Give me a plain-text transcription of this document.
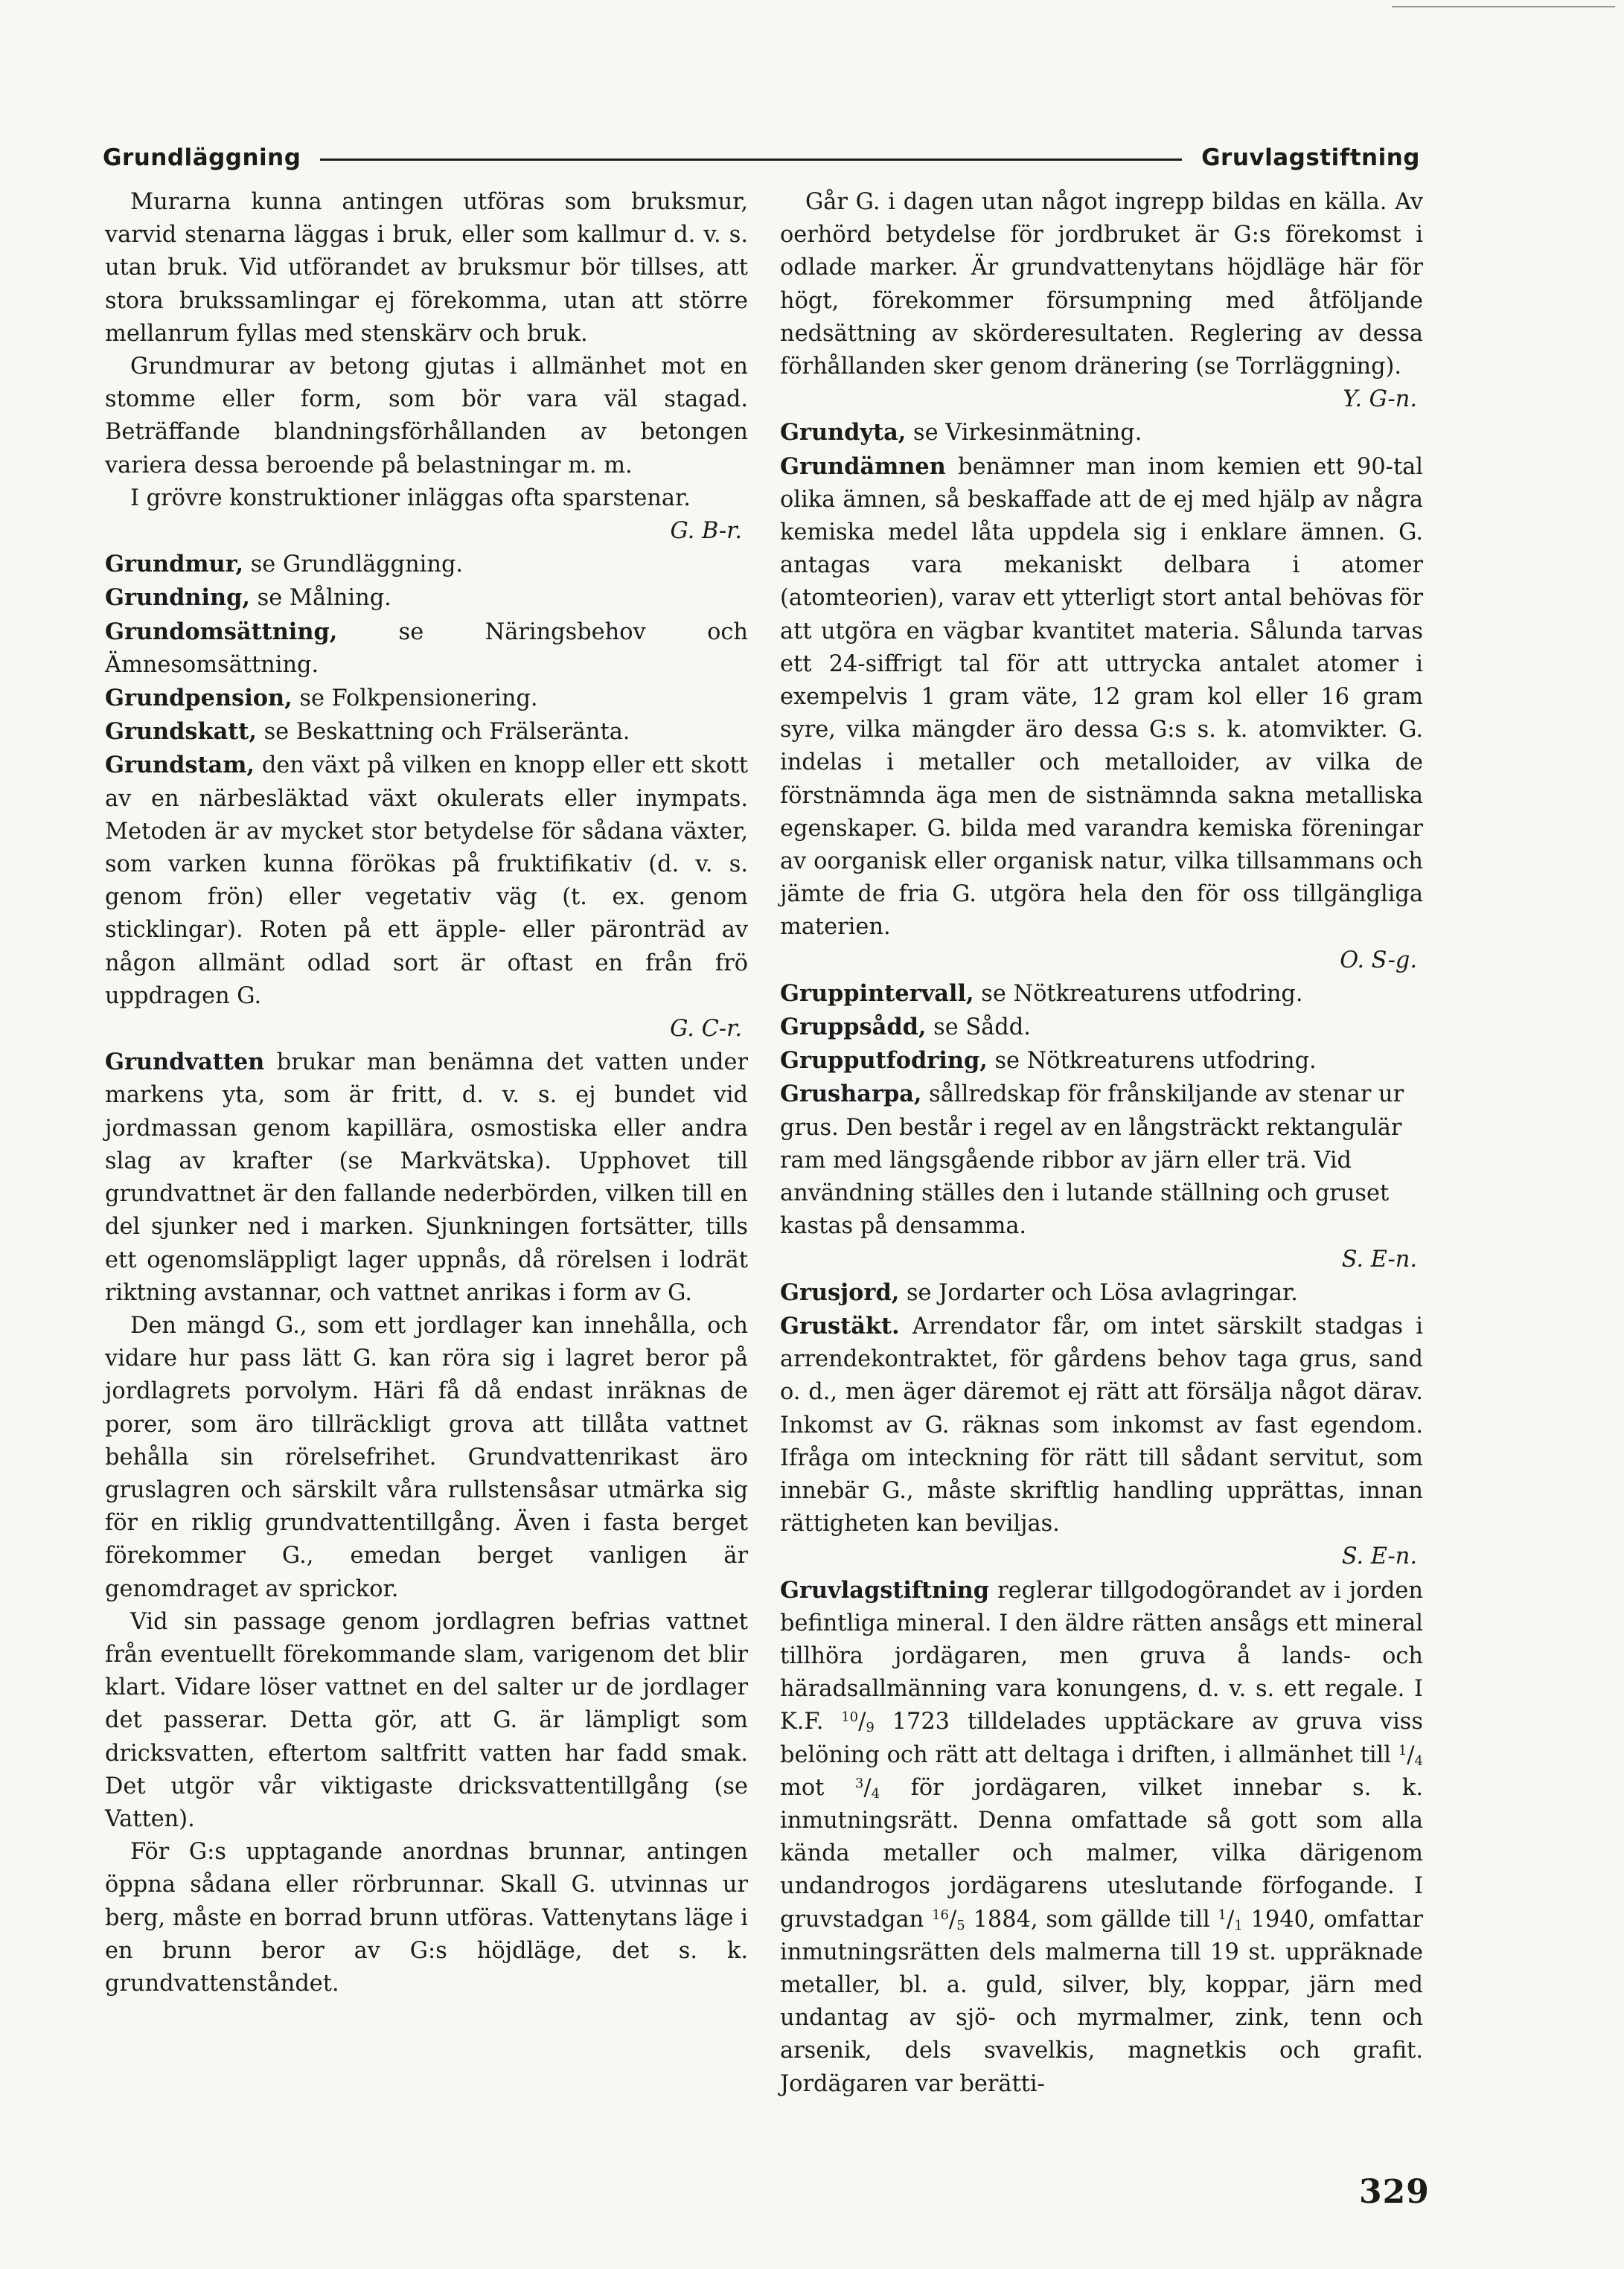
Grundläggning	Gruvlagstiftning

Murarna kunna antingen utföras som bruksmur, varvid stenarna läggas i bruk, eller som kallmur d. v. s. utan bruk. Vid utförandet av bruksmur bör tillses, att stora brukssamlingar ej förekomma, utan att större mellanrum fyllas med stenskärv och bruk.

Grundmurar av betong gjutas i allmänhet mot en stomme eller form, som bör vara väl stagad. Beträffande blandningsförhållanden av betongen variera dessa beroende på belastningar m. m.

I grövre konstruktioner inläggas ofta sparstenar.

G. B-r.

Grundmur, se Grundläggning.

Grundning, se Målning.

Grundomsättning, se Näringsbehov och Ämnesomsättning.

Grundpension, se Folkpensionering.

Grundskatt, se Beskattning och Frälseränta.

Grundstam, den växt på vilken en knopp eller ett skott av en närbesläktad växt okulerats eller inympats. Metoden är av mycket stor betydelse för sådana växter, som varken kunna förökas på fruktifikativ (d. v. s. genom frön) eller vegetativ väg (t. ex. genom sticklingar). Roten på ett äpple- eller päronträd av någon allmänt odlad sort är oftast en från frö uppdragen G.

G. C-r.

Grundvatten brukar man benämna det vatten under markens yta, som är fritt, d. v. s. ej bundet vid jordmassan genom kapillära, osmostiska eller andra slag av krafter (se Markvätska). Upphovet till grundvattnet är den fallande nederbörden, vilken till en del sjunker ned i marken. Sjunkningen fortsätter, tills ett ogenomsläppligt lager uppnås, då rörelsen i lodrät riktning avstannar, och vattnet anrikas i form av G.

Den mängd G., som ett jordlager kan innehålla, och vidare hur pass lätt G. kan röra sig i lagret beror på jordlagrets porvolym. Häri få då endast inräknas de porer, som äro tillräckligt grova att tillåta vattnet behålla sin rörelsefrihet. Grundvattenrikast äro gruslagren och särskilt våra rullstensåsar utmärka sig för en riklig grundvattentillgång. Även i fasta berget förekommer G., emedan berget vanligen är genomdraget av sprickor.

Vid sin passage genom jordlagren befrias vattnet från eventuellt förekommande slam, varigenom det blir klart. Vidare löser vattnet en del salter ur de jordlager det passerar. Detta gör, att G. är lämpligt som dricksvatten, eftertom saltfritt vatten har fadd smak. Det utgör vår viktigaste dricksvattentillgång (se Vatten).

För G:s upptagande anordnas brunnar, antingen öppna sådana eller rörbrunnar. Skall G. utvinnas ur berg, måste en borrad brunn utföras. Vattenytans läge i en brunn beror av G:s höjdläge, det s. k. grundvattenståndet.

Går G. i dagen utan något ingrepp bildas en källa. Av oerhörd betydelse för jordbruket är G:s förekomst i odlade marker. Är grundvattenytans höjdläge här för högt, förekommer försumpning med åtföljande nedsättning av skörderesultaten. Reglering av dessa förhållanden sker genom dränering (se Torrläggning).

Y. G-n.

Grundyta, se Virkesinmätning.

Grundämnen benämner man inom kemien ett 90-tal olika ämnen, så beskaffade att de ej med hjälp av några kemiska medel låta uppdela sig i enklare ämnen. G. antagas vara mekaniskt delbara i atomer (atomteorien), varav ett ytterligt stort antal behövas för att utgöra en vägbar kvantitet materia. Sålunda tarvas ett 24-siffrigt tal för att uttrycka antalet atomer i exempelvis 1 gram väte, 12 gram kol eller 16 gram syre, vilka mängder äro dessa G:s s. k. atomvikter. G. indelas i metaller och metalloider, av vilka de förstnämnda äga men de sistnämnda sakna metalliska egenskaper. G. bilda med varandra kemiska föreningar av oorganisk eller organisk natur, vilka tillsammans och jämte de fria G. utgöra hela den för oss tillgängliga materien.

O. S-g.

Gruppintervall, se Nötkreaturens utfodring.

Gruppsådd, se Sådd.

Grupputfodring, se Nötkreaturens utfodring.

Grusharpa, sållredskap för frånskiljande av stenar ur grus. Den består i regel av en långsträckt rektangulär ram med längsgående ribbor av järn eller trä. Vid användning ställes den i lutande ställning och gruset kastas på densamma.

S. E-n.

Grusjord, se Jordarter och Lösa avlagringar.

Grustäkt. Arrendator får, om intet särskilt stadgas i arrendekontraktet, för gårdens behov taga grus, sand o. d., men äger däremot ej rätt att försälja något därav. Inkomst av G. räknas som inkomst av fast egendom. Ifråga om inteckning för rätt till sådant servitut, som innebär G., måste skriftlig handling upprättas, innan rättigheten kan beviljas.

S. E-n.

Gruvlagstiftning reglerar tillgodogörandet av i jorden befintliga mineral. I den äldre rätten ansågs ett mineral tillhöra jordägaren, men gruva å lands- och häradsallmänning vara konungens, d. v. s. ett regale. I K.F. $^{10}/_9$ 1723 tilldelades upptäckare av gruva viss belöning och rätt att deltaga i driften, i allmänhet till $^1/_4$ mot $^3/_4$ för jordägaren, vilket innebar s. k. inmutningsrätt. Denna omfattade så gott som alla kända metaller och malmer, vilka därigenom undandrogos jordägarens uteslutande förfogande. I gruvstadgan $^{16}/_5$ 1884, som gällde till $^1/_1$ 1940, omfattar inmutningsrätten dels malmerna till 19 st. uppräknade metaller, bl. a. guld, silver, bly, koppar, järn med undantag av sjö- och myrmalmer, zink, tenn och arsenik, dels svavelkis, magnetkis och grafit. Jordägaren var berätti-

329
